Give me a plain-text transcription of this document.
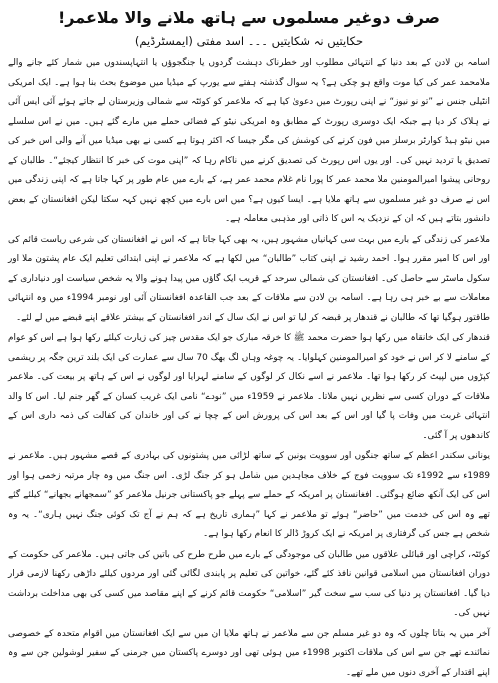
صرف دوغیر مسلموں سے ہاتھ ملانے والا ملاعمر!
حکایتیں نہ شکایتیں ۔۔۔ اسد مفتی (ایمسٹرڈیم)

اسامہ بن لادن کے بعد دنیا کے انتہائی مطلوب اور خطرناک دہشت گردوں یا جنگجوؤں یا انتہاپسندوں میں شمار کئے جانے والے ملامحمد عمر کی کیا موت واقع ہو چکی ہے؟ یہ سوال گذشتہ ہفتے سے یورپ کے میڈیا میں موضوع بحث بنا ہوا ہے۔ ایک امریکی انٹیلی جنس نے ”تو نو نیوز“ نے اپنی رپورٹ میں دعویٰ کیا ہے کہ ملاعمر کو کوئٹہ سے شمالی وزیرستان لے جاتے ہوئے آئی ایس آئی نے ہلاک کر دیا ہے جبکہ ایک دوسری رپورٹ کے مطابق وہ امریکی نیٹو کے فضائی حملے میں مارے گئے ہیں۔ میں نے اس سلسلے میں نیٹو ہیڈ کوارٹر برسلز میں فون کرنے کی کوشش کی مگر جیسا کہ اکثر ہوتا ہے کسی نے بھی میڈیا میں آنے والی اس خبر کی تصدیق یا تردید نہیں کی۔ اور یوں اس رپورٹ کی تصدیق کرنے میں ناکام رہا کہ ”اپنی موت کی خبر کا انتظار کیجئے“۔ طالبان کے روحانی پیشوا امیرالمومنین ملا محمد عمر کا پورا نام غلام محمد عمر ہے، کے بارے میں عام طور پر کہا جاتا ہے کہ اپنی زندگی میں اس نے صرف دو غیر مسلموں سے ہاتھ ملایا ہے۔ ایسا کیوں ہے؟ میں اس بارے میں کچھ نہیں کہہ سکتا لیکن افغانستان کے بعض دانشور بتاتے ہیں کہ ان کے نزدیک یہ اس کا ذاتی اور مذہبی معاملہ ہے۔

ملاعمر کی زندگی کے بارے میں بہت سی کہانیاں مشہور ہیں، یہ بھی کہا جاتا ہے کہ اس نے افغانستان کی شرعی ریاست قائم کی اور اس کا امیر مقرر ہوا۔ احمد رشید نے اپنی کتاب ”طالبان“ میں لکھا ہے کہ ملاعمر نے اپنی ابتدائی تعلیم ایک عام پشتون ملا اور سکول ماسٹر سے حاصل کی۔ افغانستان کی شمالی سرحد کے قریب ایک گاؤں میں پیدا ہونے والا یہ شخص سیاست اور دنیاداری کے معاملات سے بے خبر ہی رہا ہے۔ اسامہ بن لادن سے ملاقات کے بعد جب القاعدہ افغانستان آئی اور نومبر 1994ء میں وہ انتہائی طاقتور ہوگیا تھا کہ طالبان نے قندھار پر قبضہ کر لیا تو اس نے ایک سال کے اندر افغانستان کے بیشتر علاقے اپنے قبضے میں لے لئے۔

قندھار کی ایک خانقاہ میں رکھا ہوا حضرت محمد ﷺ کا خرقہ مبارک جو ایک مقدس چیز کی زیارت کیلئے رکھا ہوا ہے اس کو عوام کے سامنے لا کر اس نے خود کو امیرالمومنین کہلوایا۔ یہ چوغہ وہاں لگ بھگ 70 سال سے عمارت کی ایک بلند ترین جگہ پر ریشمی کپڑوں میں لپیٹ کر رکھا ہوا تھا۔ ملاعمر نے اسے نکال کر لوگوں کے سامنے لہرایا اور لوگوں نے اس کے ہاتھ پر بیعت کی۔ ملاعمر ملاقات کے دوران کسی سے نظریں نہیں ملاتا۔ ملاعمر نے 1959ء میں ”نودے“ نامی ایک غریب کسان کے گھر جنم لیا۔ اس کا والد انتہائی غربت میں وفات پا گیا اور اس کے بعد اس کی پرورش اس کے چچا نے کی اور خاندان کی کفالت کی ذمہ داری اس کے کاندھوں پر آ گئی۔

یونانی سکندر اعظم کے ساتھ جنگوں اور سوویت یونین کے ساتھ لڑائی میں پشتونوں کی بہادری کے قصے مشہور ہیں۔ ملاعمر نے 1989ء سے 1992ء تک سوویت فوج کے خلاف مجاہدین میں شامل ہو کر جنگ لڑی۔ اس جنگ میں وہ چار مرتبہ زخمی ہوا اور اس کی ایک آنکھ ضائع ہوگئی۔ افغانستان پر امریکہ کے حملے سے پہلے جو پاکستانی جرنیل ملاعمر کو ”سمجھانے بجھانے“ کیلئے گئے تھے وہ اس کی خدمت میں ”حاضر“ ہوئے تو ملاعمر نے کہا ”ہماری تاریخ ہے کہ ہم نے آج تک کوئی جنگ نہیں ہاری“۔ یہ وہ شخص ہے جس کی گرفتاری پر امریکہ نے ایک کروڑ ڈالر کا انعام رکھا ہوا ہے۔

کوئٹہ، کراچی اور قبائلی علاقوں میں طالبان کی موجودگی کے بارے میں طرح طرح کی باتیں کی جاتی ہیں۔ ملاعمر کی حکومت کے دوران افغانستان میں اسلامی قوانین نافذ کئے گئے، خواتین کی تعلیم پر پابندی لگائی گئی اور مردوں کیلئے داڑھی رکھنا لازمی قرار دیا گیا۔ افغانستان پر دنیا کی سب سے سخت گیر ”اسلامی“ حکومت قائم کرنے کے اپنے مقاصد میں کسی کی بھی مداخلت برداشت نہیں کی۔

آخر میں یہ بتاتا چلوں کہ وہ دو غیر مسلم جن سے ملاعمر نے ہاتھ ملایا ان میں سے ایک افغانستان میں اقوام متحدہ کے خصوصی نمائندے تھے جن سے اس کی ملاقات اکتوبر 1998ء میں ہوئی تھی اور دوسرے پاکستان میں جرمنی کے سفیر لوشولین جن سے وہ اپنے اقتدار کے آخری دنوں میں ملے تھے۔
